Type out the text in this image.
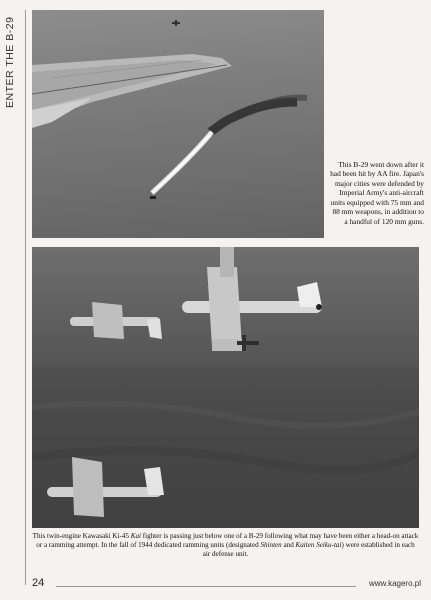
ENTER THE B-29
This B-29 went down after it had been hit by AA fire. Japan's major cities were defended by Imperial Army's anti-aircraft units equipped with 75 mm and 88 mm weapons, in addition to a handful of 120 mm guns.
This twin-engine Kawasaki Ki-45 Kai fighter is passing just below one of a B-29 following what may have been either a head-on attack or a ramming attempt. In the fall of 1944 dedicated ramming units (designated Shinten and Kaiten Seiku-tai) were established in each air defense unit.
24	www.kagero.pl
